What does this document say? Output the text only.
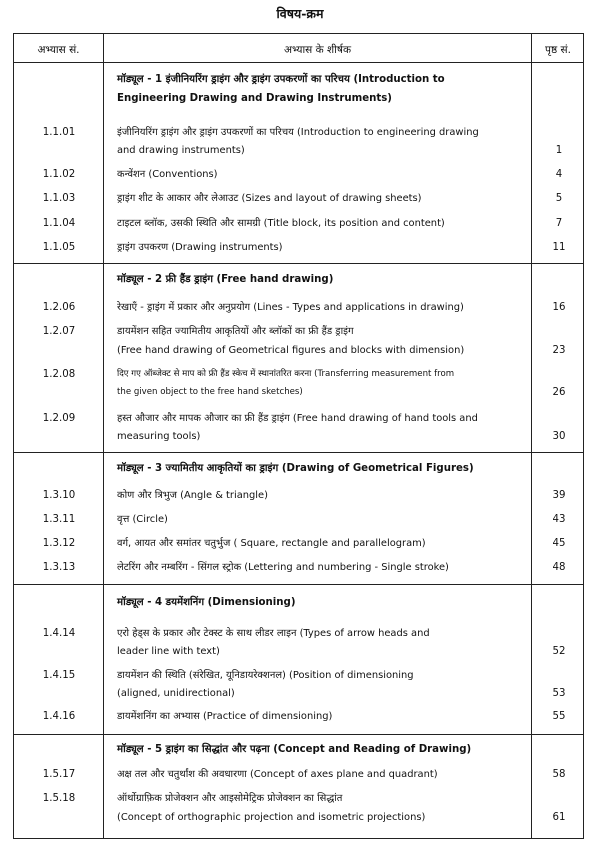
विषय-क्रम
अभ्यास सं.	अभ्यास के शीर्षक	पृष्ठ सं.
मॉड्यूल - 1 इंजीनियरिंग ड्राइंग और ड्राइंग उपकरणों का परिचय (Introduction to
Engineering Drawing and Drawing Instruments)
1.1.01	इंजीनियरिंग ड्राइंग और ड्राइंग उपकरणों का परिचय (Introduction to engineering drawing
and drawing instruments)	1
1.1.02	कन्वेंशन (Conventions)	4
1.1.03	ड्राइंग शीट के आकार और लेआउट (Sizes and layout of drawing sheets)	5
1.1.04	टाइटल ब्लॉक, उसकी स्थिति और सामग्री (Title block, its position and content)	7
1.1.05	ड्राइंग उपकरण (Drawing instruments)	11
मॉड्यूल - 2 फ्री हैंड ड्राइंग (Free hand drawing)
1.2.06	रेखाएँ - ड्राइंग में प्रकार और अनुप्रयोग (Lines - Types and applications in drawing)	16
1.2.07	डायमेंशन सहित ज्यामितीय आकृतियों और ब्लॉकों का फ्री हैंड ड्राइंग
(Free hand drawing of Geometrical figures and blocks with dimension)	23
1.2.08	दिए गए ऑब्जेक्ट से माप को फ्री हैंड स्केच में स्थानांतरित करना (Transferring measurement from
the given object to the free hand sketches)	26
1.2.09	हस्त औजार और मापक औजार का फ्री हैंड ड्राइंग (Free hand drawing of hand tools and
measuring tools)	30
मॉड्यूल - 3 ज्यामितीय आकृतियों का ड्राइंग (Drawing of Geometrical Figures)
1.3.10	कोण और त्रिभुज (Angle & triangle)	39
1.3.11	वृत्त (Circle)	43
1.3.12	वर्ग, आयत और समांतर चतुर्भुज ( Square, rectangle and parallelogram)	45
1.3.13	लेटरिंग और नम्बरिंग - सिंगल स्ट्रोक (Lettering and numbering - Single stroke)	48
मॉड्यूल - 4 डयमेंशनिंग (Dimensioning)
1.4.14	एरो हेड्स के प्रकार और टेक्स्ट के साथ लीडर लाइन (Types of arrow heads and
leader line with text)	52
1.4.15	डायमेंशन की स्थिति (संरेखित, यूनिडायरेक्शनल) (Position of dimensioning
(aligned, unidirectional)	53
1.4.16	डायमेंशनिंग का अभ्यास (Practice of dimensioning)	55
मॉड्यूल - 5 ड्राइंग का सिद्धांत और पढ़ना (Concept and Reading of Drawing)
1.5.17	अक्ष तल और चतुर्थांश की अवधारणा (Concept of axes plane and quadrant)	58
1.5.18	ऑर्थोग्राफ़िक प्रोजेक्शन और आइसोमेट्रिक प्रोजेक्शन का सिद्धांत
(Concept of orthographic projection and isometric projections)	61
